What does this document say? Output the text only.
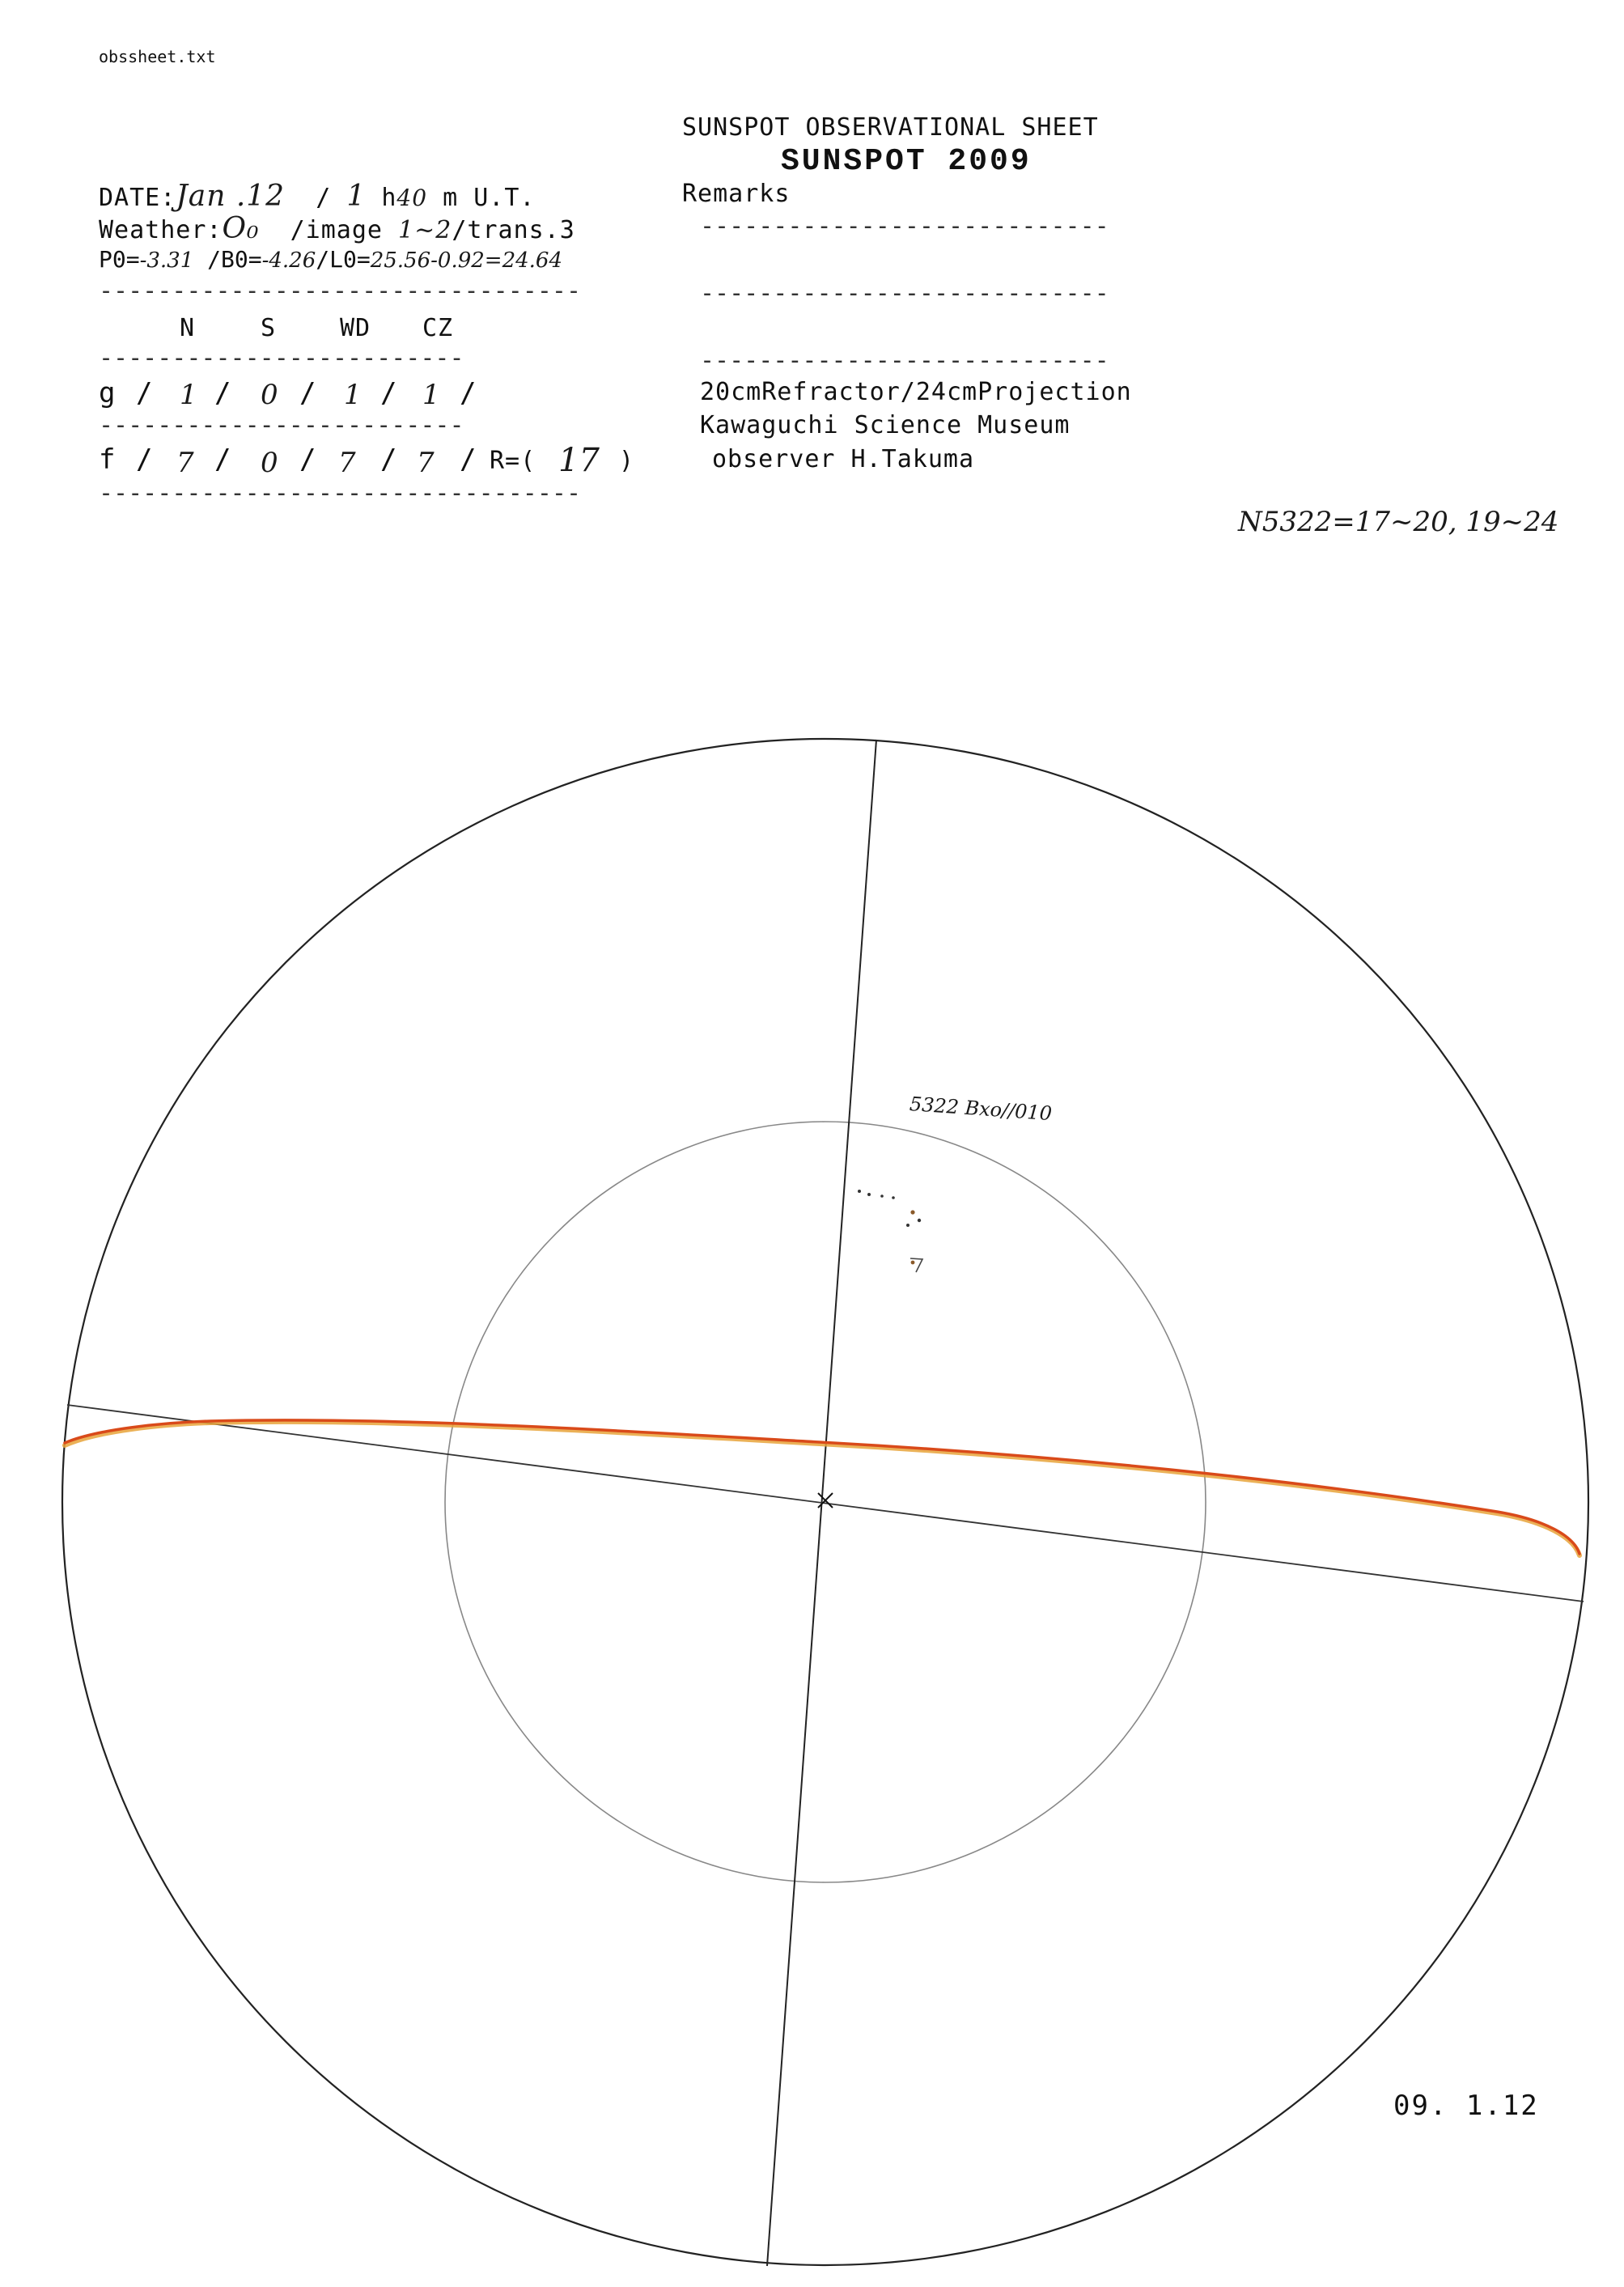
obssheet.txt
SUNSPOT OBSERVATIONAL SHEET
SUNSPOT 2009
DATE:Jan .12 / 1 h40 m U.T.
Weather:O₀ /image 1~2/trans.3
P0=-3.31 /B0=-4.26/L0=25.56-0.92=24.64
---------------------------------
N	S	WD CZ
-------------------------
g / 1 / 0 / 1 / 1 /
-------------------------
f / 7 / 0 / 7 / 7 / R=( 17 )
---------------------------------
Remarks
----------------------------
----------------------------
----------------------------
20cmRefractor/24cmProjection
Kawaguchi Science Museum
observer H.Takuma
N5322=17~20, 19~24
5322 Bxo//010
09. 1.12
